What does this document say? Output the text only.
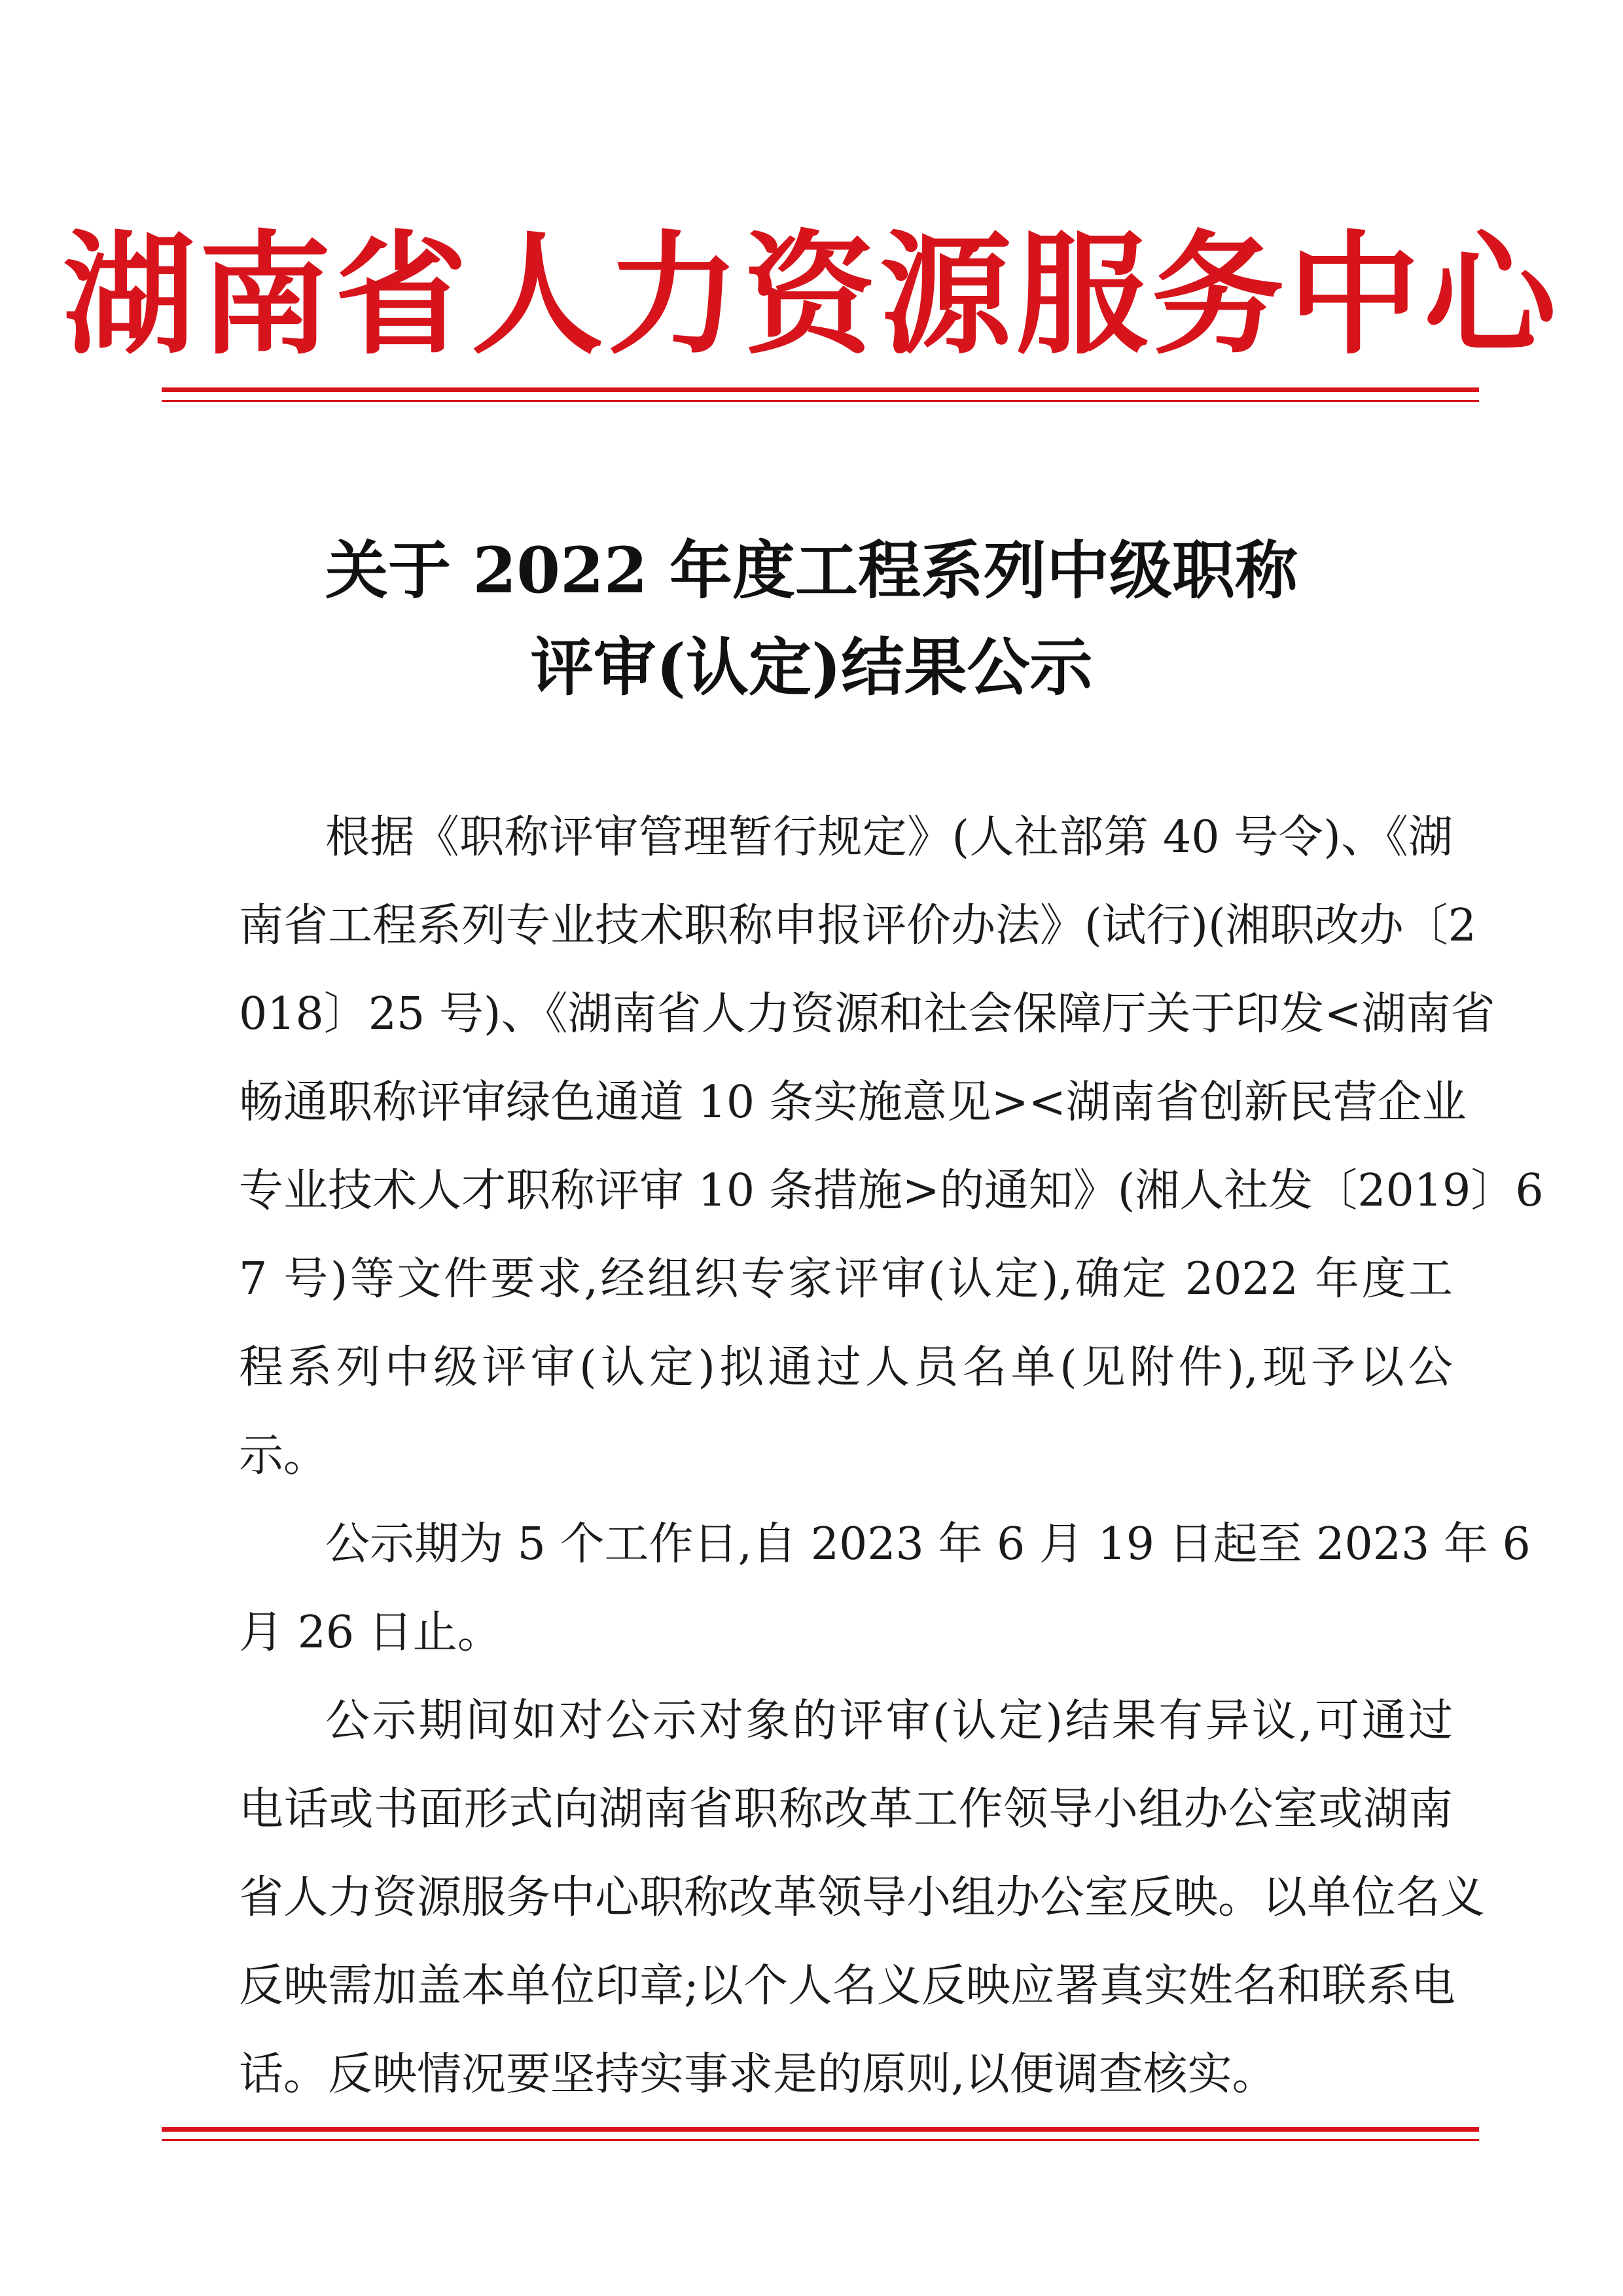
湖南省人力资源服务中心
关于 2022 年度工程系列中级职称
评审(认定)结果公示
根据《职称评审管理暂行规定》(人社部第 40 号令)、《湖
南省工程系列专业技术职称申报评价办法》(试行)(湘职改办〔2
018〕25 号)、《湖南省人力资源和社会保障厅关于印发<湖南省
畅通职称评审绿色通道 10 条实施意见><湖南省创新民营企业
专业技术人才职称评审 10 条措施>的通知》(湘人社发〔2019〕6
7 号)等文件要求,经组织专家评审(认定),确定 2022 年度工
程系列中级评审(认定)拟通过人员名单(见附件),现予以公
示。
公示期为 5 个工作日,自 2023 年 6 月 19 日起至 2023 年 6
月 26 日止。
公示期间如对公示对象的评审(认定)结果有异议,可通过
电话或书面形式向湖南省职称改革工作领导小组办公室或湖南
省人力资源服务中心职称改革领导小组办公室反映。以单位名义
反映需加盖本单位印章;以个人名义反映应署真实姓名和联系电
话。反映情况要坚持实事求是的原则,以便调查核实。
